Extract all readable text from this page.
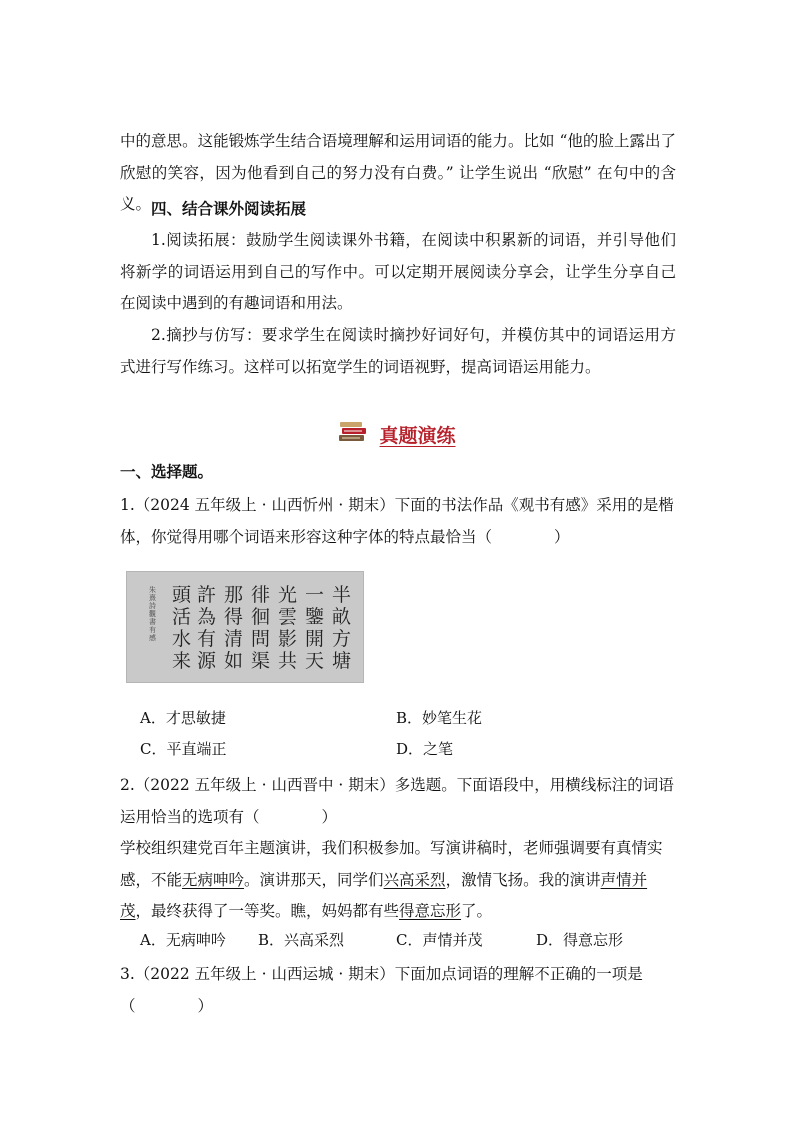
中的意思。这能锻炼学生结合语境理解和运用词语的能力。比如 “他的脸上露出了欣慰的笑容，因为他看到自己的努力没有白费。” 让学生说出 “欣慰” 在句中的含义。 四、结合课外阅读拓展

1.阅读拓展：鼓励学生阅读课外书籍，在阅读中积累新的词语，并引导他们将新学的词语运用到自己的写作中。可以定期开展阅读分享会，让学生分享自己在阅读中遇到的有趣词语和用法。

2.摘抄与仿写：要求学生在阅读时摘抄好词好句，并模仿其中的词语运用方式进行写作练习。这样可以拓宽学生的词语视野，提高词语运用能力。

真题演练
一、选择题。

1.（2024 五年级上 · 山西忻州 · 期末）下面的书法作品《观书有感》采用的是楷体，你觉得用哪个词语来形容这种字体的特点最恰当（　　　　）

半畝方塘
一鑒開天
光雲影共
徘徊問渠
那得清如
許為有源
頭活水来
朱熹詩觀書有感
A．才思敏捷	B．妙笔生花
C．平直端正	D．之笔

2.（2022 五年级上 · 山西晋中 · 期末）多选题。下面语段中，用横线标注的词语运用恰当的选项有（　　　　）

学校组织建党百年主题演讲，我们积极参加。写演讲稿时，老师强调要有真情实感，不能无病呻吟。演讲那天，同学们兴高采烈，激情飞扬。我的演讲声情并茂，最终获得了一等奖。瞧，妈妈都有些得意忘形了。

A．无病呻吟 B．兴高采烈	C．声情并茂	D．得意忘形

3.（2022 五年级上 · 山西运城 · 期末）下面加点词语的理解不正确的一项是（　　　　）
